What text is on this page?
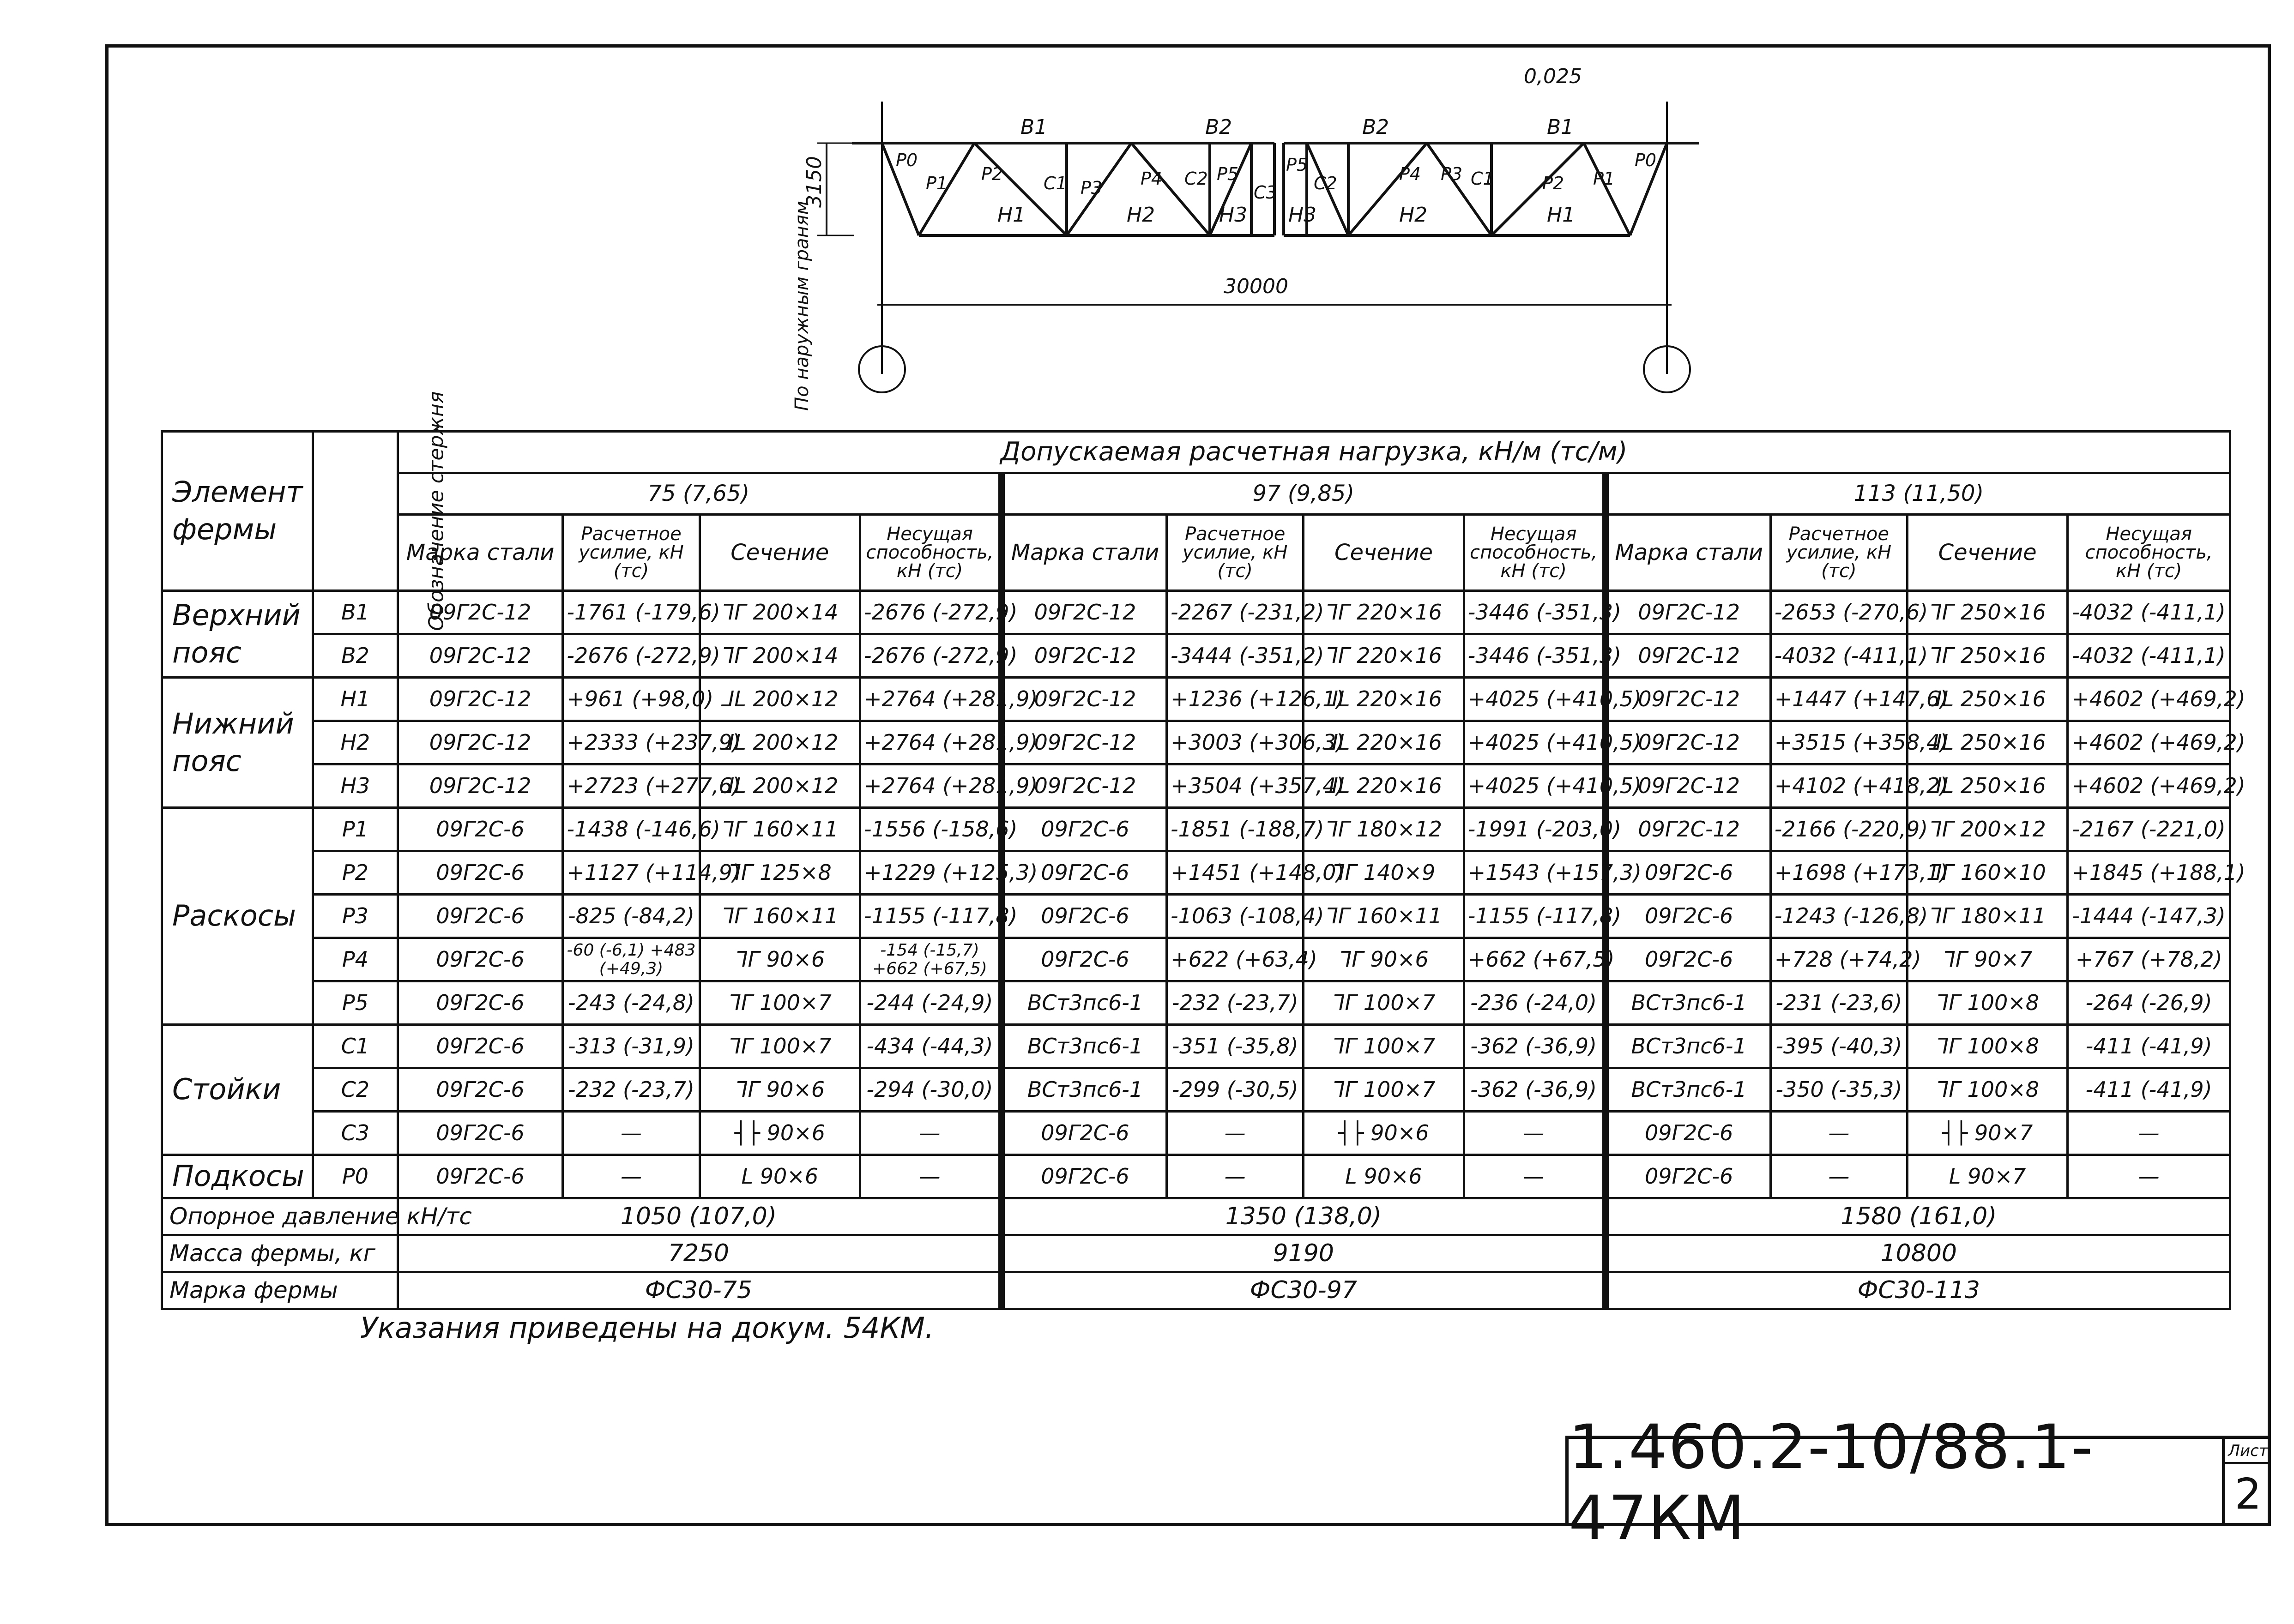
0,025
30000
3150
По наружным граням
В1	В2	В2	В1
Н1	Н2	Н3 Н3	Н2	Н1
Р0
Р1 Р2 С1 Р3 Р4 С2 Р5
С3
Р5
С2	Р4 Р3 С1	Р2 Р1
Р0
Элемент фермы	Обозначение стержня	Допускаемая расчетная нагрузка, кН/м (тс/м)											
		75 (7,65)				97 (9,85)				113 (11,50)			
		Марка стали	Расчетное усилие, кН (тс)	Сечение	Несущая способность, кН (тс)	Марка стали	Расчетное усилие, кН (тс)	Сечение	Несущая способность, кН (тс)	Марка стали	Расчетное усилие, кН (тс)	Сечение	Несущая способность, кН (тс)
Верхний пояс	В1	09Г2С-12	-1761 (-179,6)	ᒣᒥ 200×14	-2676 (-272,9)	09Г2С-12	-2267 (-231,2)	ᒣᒥ 220×16	-3446 (-351,3)	09Г2С-12	-2653 (-270,6)	ᒣᒥ 250×16	-4032 (-411,1)
	В2	09Г2С-12	-2676 (-272,9)	ᒣᒥ 200×14	-2676 (-272,9)	09Г2С-12	-3444 (-351,2)	ᒣᒥ 220×16	-3446 (-351,3)	09Г2С-12	-4032 (-411,1)	ᒣᒥ 250×16	-4032 (-411,1)
Нижний пояс	Н1	09Г2С-12	+961 (+98,0)	ᒧᒪ 200×12	+2764 (+281,9)	09Г2С-12	+1236 (+126,1)	ᒧᒪ 220×16	+4025 (+410,5)	09Г2С-12	+1447 (+147,6)	ᒧᒪ 250×16	+4602 (+469,2)
	Н2	09Г2С-12	+2333 (+237,9)	ᒧᒪ 200×12	+2764 (+281,9)	09Г2С-12	+3003 (+306,3)	ᒧᒪ 220×16	+4025 (+410,5)	09Г2С-12	+3515 (+358,4)	ᒧᒪ 250×16	+4602 (+469,2)
	Н3	09Г2С-12	+2723 (+277,6)	ᒧᒪ 200×12	+2764 (+281,9)	09Г2С-12	+3504 (+357,4)	ᒧᒪ 220×16	+4025 (+410,5)	09Г2С-12	+4102 (+418,2)	ᒧᒪ 250×16	+4602 (+469,2)
Раскосы	Р1	09Г2С-6	-1438 (-146,6)	ᒣᒥ 160×11	-1556 (-158,6)	09Г2С-6	-1851 (-188,7)	ᒣᒥ 180×12	-1991 (-203,0)	09Г2С-12	-2166 (-220,9)	ᒣᒥ 200×12	-2167 (-221,0)
	Р2	09Г2С-6	+1127 (+114,9)	ᒣᒥ 125×8	+1229 (+125,3)	09Г2С-6	+1451 (+148,0)	ᒣᒥ 140×9	+1543 (+157,3)	09Г2С-6	+1698 (+173,1)	ᒣᒥ 160×10	+1845 (+188,1)
	Р3	09Г2С-6	-825 (-84,2)	ᒣᒥ 160×11	-1155 (-117,8)	09Г2С-6	-1063 (-108,4)	ᒣᒥ 160×11	-1155 (-117,8)	09Г2С-6	-1243 (-126,8)	ᒣᒥ 180×11	-1444 (-147,3)
	Р4	09Г2С-6	-60 (-6,1) +483 (+49,3)	ᒣᒥ 90×6	-154 (-15,7) +662 (+67,5)	09Г2С-6	+622 (+63,4)	ᒣᒥ 90×6	+662 (+67,5)	09Г2С-6	+728 (+74,2)	ᒣᒥ 90×7	+767 (+78,2)
	Р5	09Г2С-6	-243 (-24,8)	ᒣᒥ 100×7	-244 (-24,9)	ВСт3пс6-1	-232 (-23,7)	ᒣᒥ 100×7	-236 (-24,0)	ВСт3пс6-1	-231 (-23,6)	ᒣᒥ 100×8	-264 (-26,9)
Стойки	С1	09Г2С-6	-313 (-31,9)	ᒣᒥ 100×7	-434 (-44,3)	ВСт3пс6-1	-351 (-35,8)	ᒣᒥ 100×7	-362 (-36,9)	ВСт3пс6-1	-395 (-40,3)	ᒣᒥ 100×8	-411 (-41,9)
	С2	09Г2С-6	-232 (-23,7)	ᒣᒥ 90×6	-294 (-30,0)	ВСт3пс6-1	-299 (-30,5)	ᒣᒥ 100×7	-362 (-36,9)	ВСт3пс6-1	-350 (-35,3)	ᒣᒥ 100×8	-411 (-41,9)
	С3	09Г2С-6	—	┤├ 90×6	—	09Г2С-6	—	┤├ 90×6	—	09Г2С-6	—	┤├ 90×7	—
Подкосы	Р0	09Г2С-6	—	L 90×6	—	09Г2С-6	—	L 90×6	—	09Г2С-6	—	L 90×7	—
Опорное давление кН/тс		1050 (107,0)				1350 (138,0)				1580 (161,0)			
Масса фермы, кг		7250				9190				10800			
Марка фермы		ФС30-75				ФС30-97				ФС30-113			
Указания приведены на докум. 54КМ.
1.460.2-10/88.1-47КМ
Лист
2
